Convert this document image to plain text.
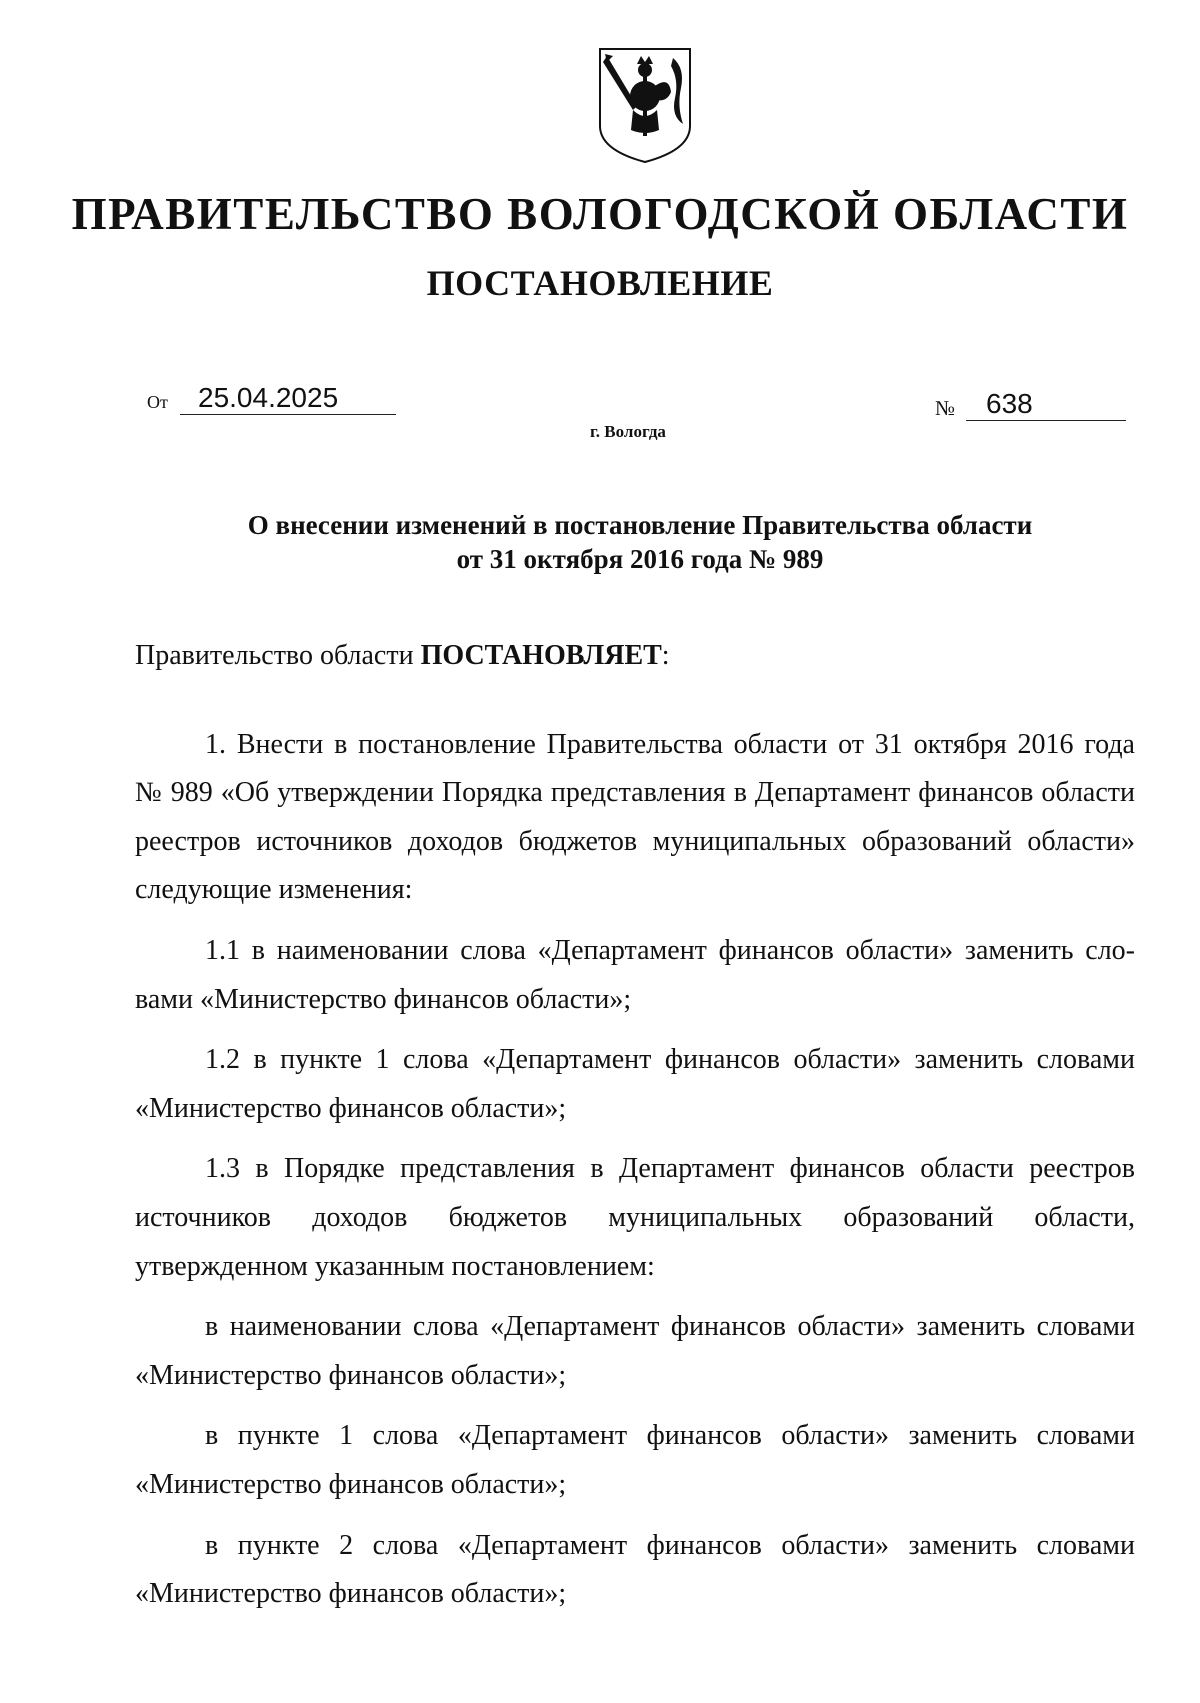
ПРАВИТЕЛЬСТВО ВОЛОГОДСКОЙ ОБЛАСТИ
ПОСТАНОВЛЕНИЕ
От	25.04.2025	№	638
г. Вологда
О внесении изменений в постановление Правительства области
от 31 октября 2016 года № 989

Правительство области ПОСТАНОВЛЯЕТ:

1. Внести в постановление Правительства области от 31 октября 2016 года

№ 989 «Об утверждении Порядка представления в Департамент финансов области реестров источников доходов бюджетов муниципальных образований области» следующие изменения:

1.1 в наименовании слова «Департамент финансов области» заменить сло-

вами «Министерство финансов области»;

1.2 в пункте 1 слова «Департамент финансов области» заменить словами

«Министерство финансов области»;

1.3 в Порядке представления в Департамент финансов области реестров

источников доходов бюджетов муниципальных образований области, утвержденном указанным постановлением:

в наименовании слова «Департамент финансов области» заменить словами

«Министерство финансов области»;

в пункте 1 слова «Департамент финансов области» заменить словами

«Министерство финансов области»;

в пункте 2 слова «Департамент финансов области» заменить словами

«Министерство финансов области»;
